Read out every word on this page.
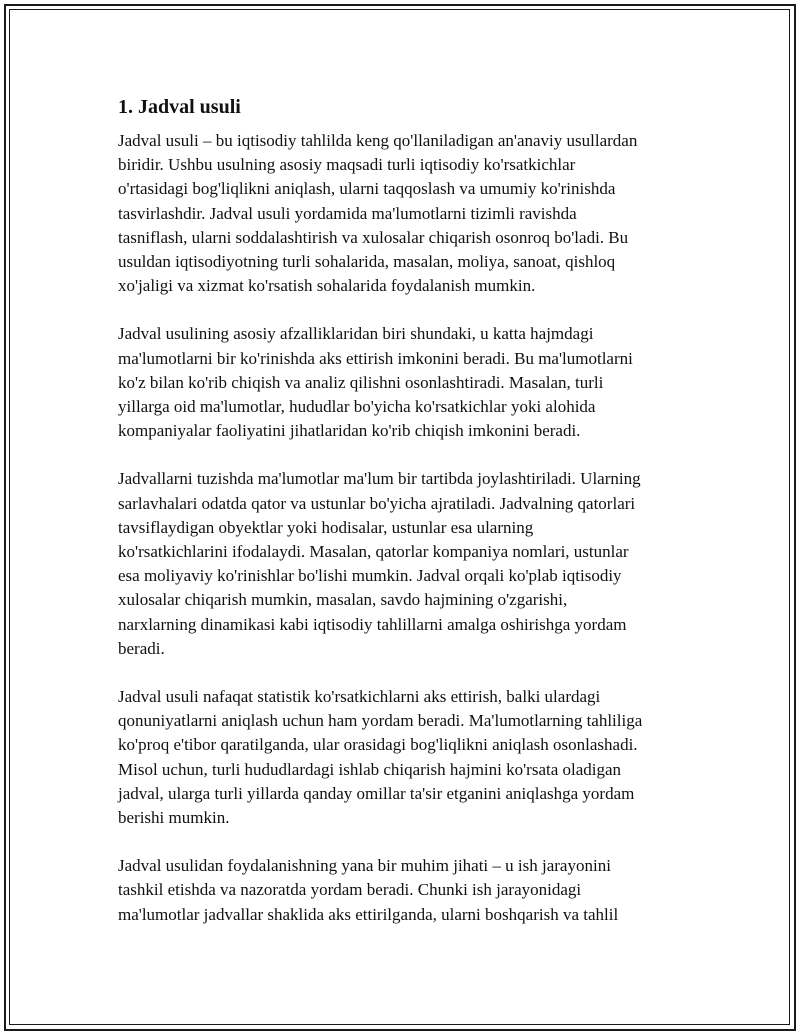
1. Jadval usuli

Jadval usuli – bu iqtisodiy tahlilda keng qo'llaniladigan an'anaviy usullardan
biridir. Ushbu usulning asosiy maqsadi turli iqtisodiy ko'rsatkichlar
o'rtasidagi bog'liqlikni aniqlash, ularni taqqoslash va umumiy ko'rinishda
tasvirlashdir. Jadval usuli yordamida ma'lumotlarni tizimli ravishda
tasniflash, ularni soddalashtirish va xulosalar chiqarish osonroq bo'ladi. Bu
usuldan iqtisodiyotning turli sohalarida, masalan, moliya, sanoat, qishloq
xo'jaligi va xizmat ko'rsatish sohalarida foydalanish mumkin.

Jadval usulining asosiy afzalliklaridan biri shundaki, u katta hajmdagi
ma'lumotlarni bir ko'rinishda aks ettirish imkonini beradi. Bu ma'lumotlarni
ko'z bilan ko'rib chiqish va analiz qilishni osonlashtiradi. Masalan, turli
yillarga oid ma'lumotlar, hududlar bo'yicha ko'rsatkichlar yoki alohida
kompaniyalar faoliyatini jihatlaridan ko'rib chiqish imkonini beradi.

Jadvallarni tuzishda ma'lumotlar ma'lum bir tartibda joylashtiriladi. Ularning
sarlavhalari odatda qator va ustunlar bo'yicha ajratiladi. Jadvalning qatorlari
tavsiflaydigan obyektlar yoki hodisalar, ustunlar esa ularning
ko'rsatkichlarini ifodalaydi. Masalan, qatorlar kompaniya nomlari, ustunlar
esa moliyaviy ko'rinishlar bo'lishi mumkin. Jadval orqali ko'plab iqtisodiy
xulosalar chiqarish mumkin, masalan, savdo hajmining o'zgarishi,
narxlarning dinamikasi kabi iqtisodiy tahlillarni amalga oshirishga yordam
beradi.

Jadval usuli nafaqat statistik ko'rsatkichlarni aks ettirish, balki ulardagi
qonuniyatlarni aniqlash uchun ham yordam beradi. Ma'lumotlarning tahliliga
ko'proq e'tibor qaratilganda, ular orasidagi bog'liqlikni aniqlash osonlashadi.
Misol uchun, turli hududlardagi ishlab chiqarish hajmini ko'rsata oladigan
jadval, ularga turli yillarda qanday omillar ta'sir etganini aniqlashga yordam
berishi mumkin.

Jadval usulidan foydalanishning yana bir muhim jihati – u ish jarayonini
tashkil etishda va nazoratda yordam beradi. Chunki ish jarayonidagi
ma'lumotlar jadvallar shaklida aks ettirilganda, ularni boshqarish va tahlil
